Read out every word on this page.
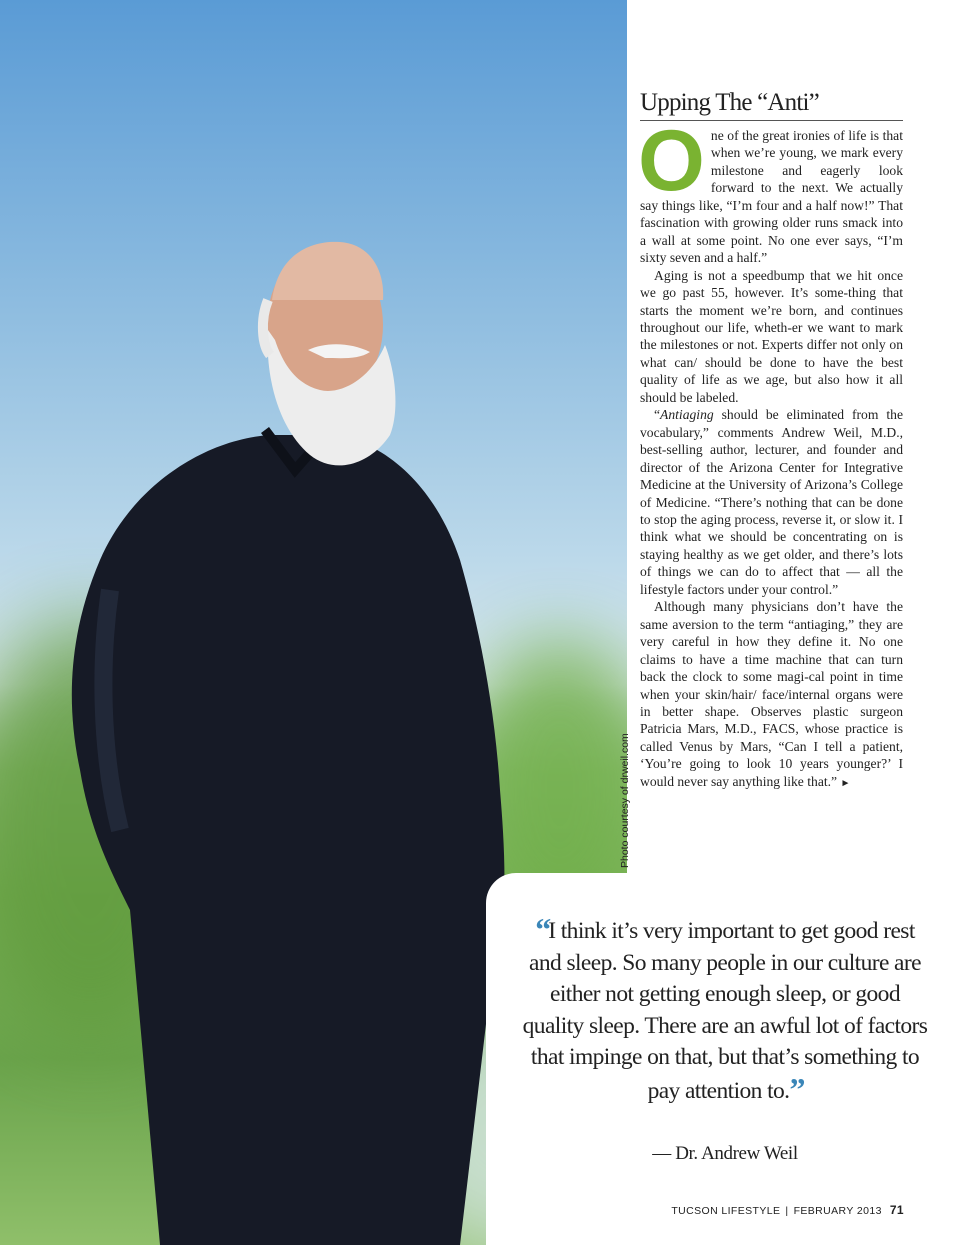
Photo courtesy of drweil.com
Upping The “Anti”

One of the great ironies of life is that when we’re young, we mark every milestone and eagerly look forward to the next. We actually say things like, “I’m four and a half now!” That fascination with growing older runs smack into a wall at some point. No one ever says, “I’m sixty seven and a half.”

Aging is not a speedbump that we hit once we go past 55, however. It’s some-thing that starts the moment we’re born, and continues throughout our life, wheth-er we want to mark the milestones or not. Experts differ not only on what can/ should be done to have the best quality of life as we age, but also how it all should be labeled.

“Antiaging should be eliminated from the vocabulary,” comments Andrew Weil, M.D., best-selling author, lecturer, and founder and director of the Arizona Center for Integrative Medicine at the University of Arizona’s College of Medicine. “There’s nothing that can be done to stop the aging process, reverse it, or slow it. I think what we should be concentrating on is staying healthy as we get older, and there’s lots of things we can do to affect that — all the lifestyle factors under your control.”

Although many physicians don’t have the same aversion to the term “antiaging,” they are very careful in how they define it. No one claims to have a time machine that can turn back the clock to some magi-cal point in time when your skin/hair/ face/internal organs were in better shape. Observes plastic surgeon Patricia Mars, M.D., FACS, whose practice is called Venus by Mars, “Can I tell a patient, ‘You’re going to look 10 years younger?’ I would never say anything like that.” ►

“I think it’s very important to get good rest and sleep. So many people in our culture are either not getting enough sleep, or good quality sleep. There are an awful lot of factors that impinge on that, but that’s something to pay attention to.”
— Dr. Andrew Weil
TUCSON LIFESTYLE | FEBRUARY 2013 71
